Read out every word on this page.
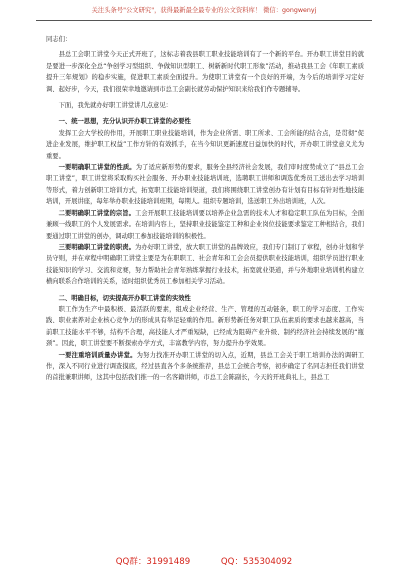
关注头条号"公文研究"，获得最新最全最专业的公文资料库！ 微信：gongwenyj

同志们：

县总工会职工讲堂今天正式开班了，这标志着我县职工职业技能培训有了一个新的平台。开办职工讲堂目的就是要进一步深化全总“争创学习型组织、争做知识型职工、树新新时代职工形象”活动，推动我县工会《年职工素质提升三年规划》的稳步实施，促进职工素质全面提升。为使职工讲堂有一个良好的开端，为今后的培训学习定好调、起好步，今天，我们很荣幸地邀请到市总工会副长就劳动保护知识来给我们作专题辅导。

下面，我先就办好职工讲堂讲几点意见：

一、统一思想，充分认识开办职工讲堂的必要性

发挥工会大学校的作用，开展职工职业技能培训，作为企业所需、职工所求、工会所能的结合点，是贯彻“促进企业发展，维护职工权益”工作方针的有效抓手，在当今知识更新速度日益加快的时代，开办职工讲堂意义尤为重要。

一要明确职工讲堂的性质。为了适应新形势的要求，服务全县经济社会发展，我们审时度势成立了“县总工会职工讲堂”，职工讲堂将采取购买社会服务、开办职业技能培训班，选聘职工讲师和调选优秀员工送出去学习培训等形式，着力创新职工培训方式，拓宽职工技能培训渠道，我们将围绕职工讲堂创办有计划有目标有针对性地技能培训，开展讲座，每年举办职业技能培训班期，每期人。组织专题培训，选送职工外出培训班，人次。

二要明确职工讲堂的宗旨。工会开展职工技能培训要以培养企业急需的技术人才和稳定职工队伍为目标，全面兼顾一线职工的个人发展需求。在培训内容上，坚持职业技能鉴定工种和企业岗位技能要求鉴定工种相结合，我们要通过职工讲堂的创办，调动职工参加技能培训的积极性。

三要明确职工讲堂的职责。为办好职工讲堂，放大职工讲堂的品牌效应，我们专门制订了章程，创办计划和学员守则，并在章程中明确职工讲堂主要是为在职职工、社会青年和工会会员提供职业技能培训，组织学员进行职业技能知识的学习、交流和竞赛，努力帮助社会青年熟练掌握行业技术，拓宽就业渠道，并与外地职业培训机构建立横向联系合作培训的关系，适时组织优秀员工参加相关学习活动。

二、明确目标，切实提高开办职工讲堂的实效性

职工作为生产中最积极、最活跃的要素，组成企业经营、生产、管理的互动链条，职工的学习态度、工作实践、职业素养对企业核心竞争力的形成具有举足轻重的作用。新形势新任务对职工队伍素质的要求也越来越高，当前职工技能水平不够，结构不合理，高技能人才严重短缺，已经成为阻碍产业升级、制约经济社会持续发展的“瓶颈”。因此，职工讲堂要不断探索办学方式，丰富教学内容，努力提升办学效果。

一要注重培训质量办讲堂。为努力找准开办职工讲堂的切入点，近期，县总工会关于职工培训办法的调研工作，深入不同行业进行调查摸底，经过县直各个多条统推荐，县总工会统合考察，初步确定了名同志担任我们讲堂的首批兼职讲师，这其中包括我们推一的一名客籍讲师，市总工会陈副长，今天的开班典礼上，县总工

QQ群：31991489	QQ：535304092
